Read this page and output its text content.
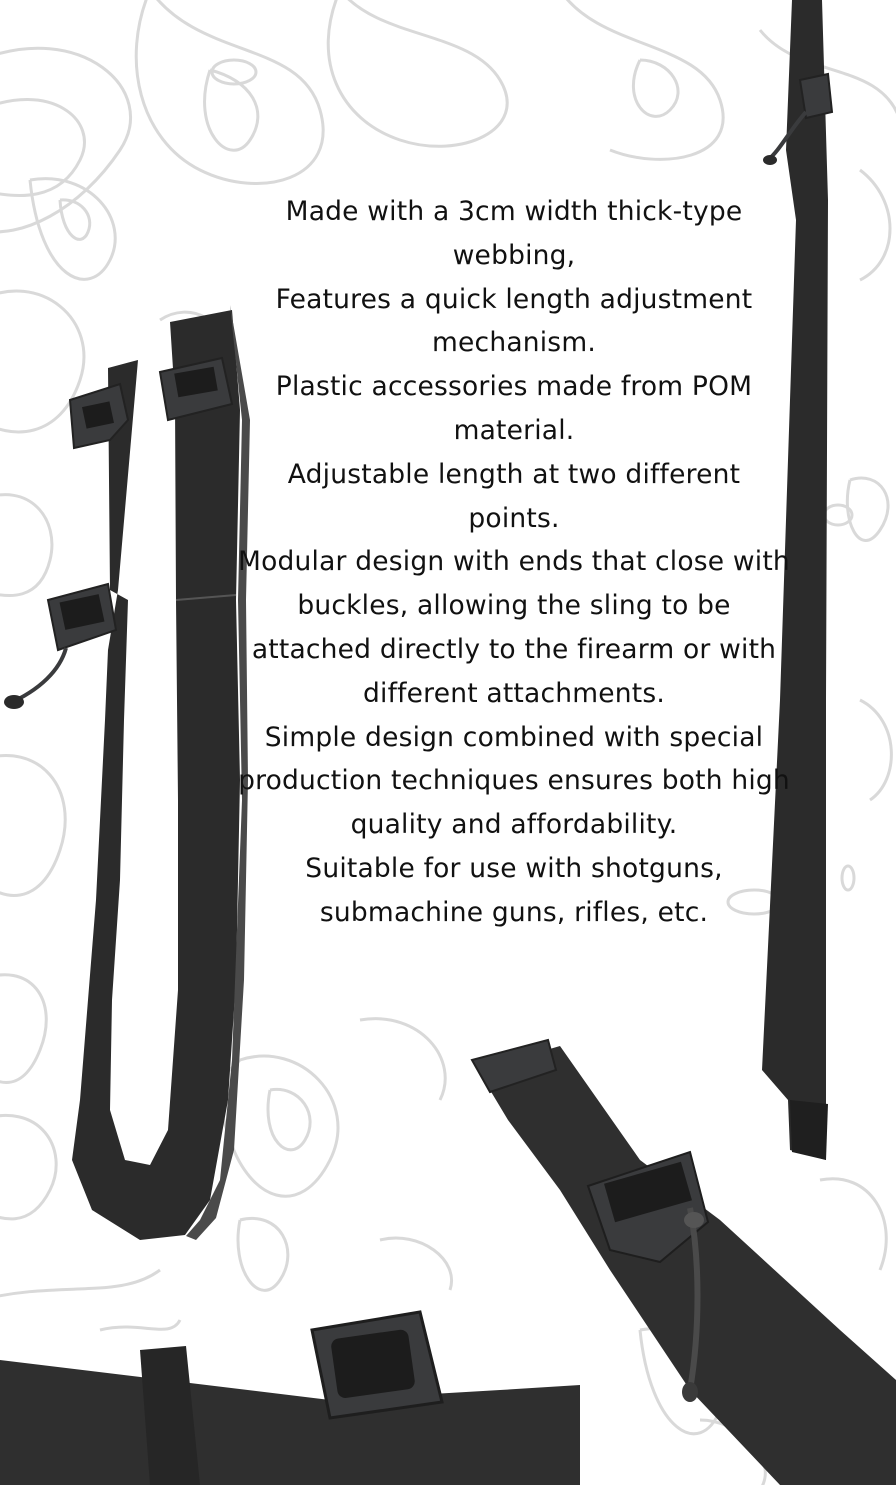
Made with a 3cm width thick-type webbing,
Features a quick length adjustment mechanism.
Plastic accessories made from POM material.
Adjustable length at two different points.
Modular design with ends that close with buckles, allowing the sling to be attached directly to the firearm or with different attachments.
Simple design combined with special production techniques ensures both high quality and affordability.
Suitable for use with shotguns, submachine guns, rifles, etc.
